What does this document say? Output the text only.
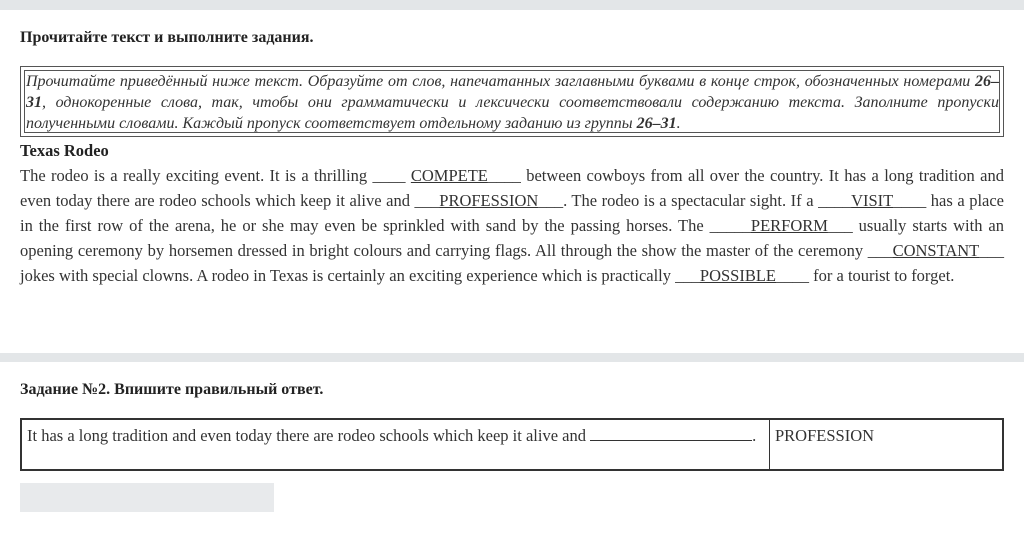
Прочитайте текст и выполните задания.
Прочитайте приведённый ниже текст. Образуйте от слов, напечатанных заглавными буквами в конце строк, обозначенных номерами 26–31, однокоренные слова, так, чтобы они грамматически и лексически соответствовали содержанию текста. Заполните пропуски полученными словами. Каждый пропуск соответствует отдельному заданию из группы 26–31.
Texas Rodeo
The rodeo is a really exciting event. It is a thrilling ____ COMPETE____ between cowboys from all over the country. It has a long tradition and even today there are rodeo schools which keep it alive and ___PROFESSION___. The rodeo is a spectacular sight. If a ____VISIT____ has a place in the first row of the arena, he or she may even be sprinkled with sand by the passing horses. The _____PERFORM___ usually starts with an opening ceremony by horsemen dressed in bright colours and carrying flags. All through the show the master of the ceremony ___CONSTANT___ jokes with special clowns. A rodeo in Texas is certainly an exciting experience which is practically ___POSSIBLE____ for a tourist to forget.
Задание №2. Впишите правильный ответ.
It has a long tradition and even today there are rodeo schools which keep it alive and	.	PROFESSION
